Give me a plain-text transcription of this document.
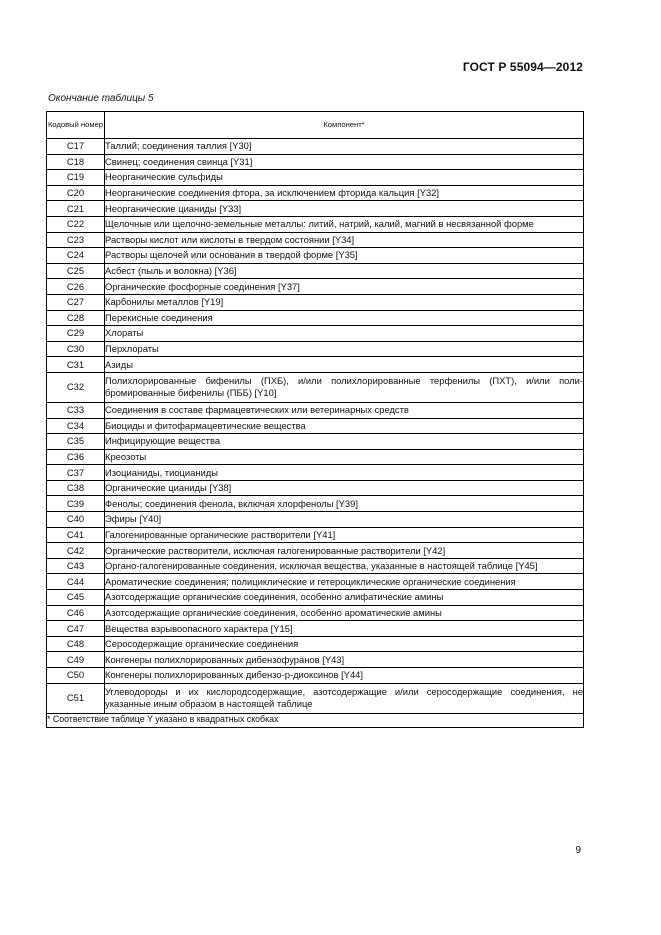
ГОСТ Р 55094—2012
Окончание таблицы 5
Кодовый номер	Компонент*
C17	Таллий; соединения таллия [Y30]
C18	Свинец; соединения свинца [Y31]
C19	Неорганические сульфиды
C20	Неорганические соединения фтора, за исключением фторида кальция [Y32]
C21	Неорганические цианиды [Y33]
C22	Щелочные или щелочно-земельные металлы: литий, натрий, калий, магний в несвязанной форме
C23	Растворы кислот или кислоты в твердом состоянии [Y34]
C24	Растворы щелочей или основания в твердой форме [Y35]
C25	Асбест (пыль и волокна) [Y36]
C26	Органические фосфорные соединения [Y37]
C27	Карбонилы металлов [Y19]
C28	Перекисные соединения
C29	Хлораты
C30	Перхлораты
C31	Азиды
C32	Полихлорированные бифенилы (ПХБ), и/или полихлорированные терфенилы (ПХТ), и/или поли-бромированные бифенилы (ПББ) [Y10]
C33	Соединения в составе фармацевтических или ветеринарных средств
C34	Биоциды и фитофармацевтические вещества
C35	Инфицирующие вещества
C36	Креозоты
C37	Изоцианиды, тиоцианиды
C38	Органические цианиды [Y38]
C39	Фенолы; соединения фенола, включая хлорфенолы [Y39]
C40	Эфиры [Y40]
C41	Галогенированные органические растворители [Y41]
C42	Органические растворители, исключая галогенированные растворители [Y42]
C43	Органо-галогенированные соединения, исключая вещества, указанные в настоящей таблице [Y45]
C44	Ароматические соединения; полициклические и гетероциклические органические соединения
C45	Азотсодержащие органические соединения, особенно алифатические амины
C46	Азотсодержащие органические соединения, особенно ароматические амины
C47	Вещества взрывоопасного характера [Y15]
C48	Серосодержащие органические соединения
C49	Конгенеры полихлорированных дибензофуранов [Y43]
C50	Конгенеры полихлорированных дибензо-р-диоксинов [Y44]
C51	Углеводороды и их кислородсодержащие, азотсодержащие и/или серосодержащие соединения, не указанные иным образом в настоящей таблице
* Соответствие таблице Y указано в квадратных скобках	
9
